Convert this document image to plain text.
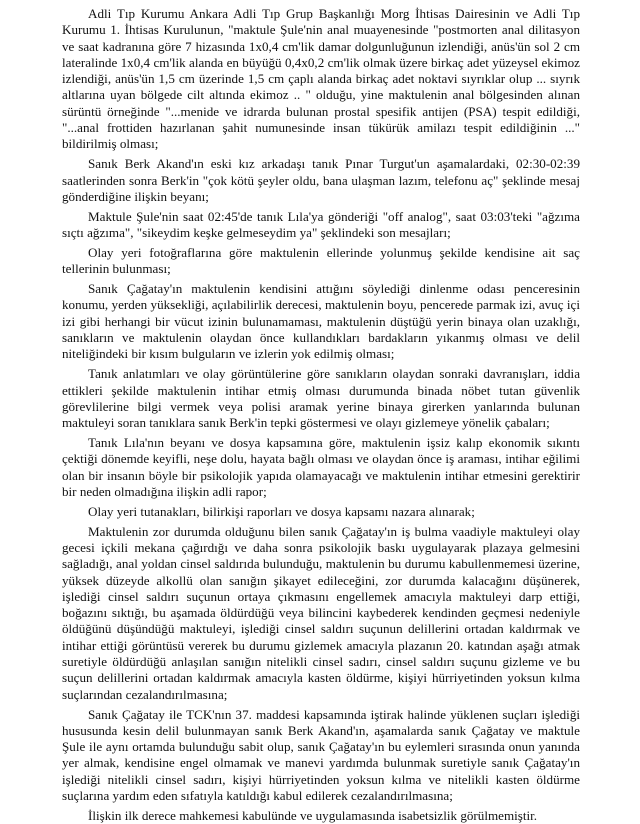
Adli Tıp Kurumu Ankara Adli Tıp Grup Başkanlığı Morg İhtisas Dairesinin ve Adli Tıp Kurumu 1. İhtisas Kurulunun, "maktule Şule'nin anal muayenesinde "postmorten anal dilitasyon ve saat kadranına göre 7 hizasında 1x0,4 cm'lik damar dolgunluğunun izlendiği, anüs'ün sol 2 cm lateralinde 1x0,4 cm'lik alanda en büyüğü 0,4x0,2 cm'lik olmak üzere birkaç adet yüzeysel ekimoz izlendiği, anüs'ün 1,5 cm üzerinde 1,5 cm çaplı alanda birkaç adet noktavi sıyrıklar olup ... sıyrık altlarına uyan bölgede cilt altında ekimoz .. " olduğu, yine maktulenin anal bölgesinden alınan sürüntü örneğinde "...menide ve idrarda bulunan prostal spesifik antijen (PSA) tespit edildiği, "...anal frottiden hazırlanan şahit numunesinde insan tükürük amilazı tespit edildiğinin ..." bildirilmiş olması;

Sanık Berk Akand'ın eski kız arkadaşı tanık Pınar Turgut'un aşamalardaki, 02:30-02:39 saatlerinden sonra Berk'in "çok kötü şeyler oldu, bana ulaşman lazım, telefonu aç" şeklinde mesaj gönderdiğine ilişkin beyanı;

Maktule Şule'nin saat 02:45'de tanık Lıla'ya gönderiği "off analog", saat 03:03'teki "ağzıma sıçtı ağzıma", "sikeydim keşke gelmeseydim ya" şeklindeki son mesajları;

Olay yeri fotoğraflarına göre maktulenin ellerinde yolunmuş şekilde kendisine ait saç tellerinin bulunması;

Sanık Çağatay'ın maktulenin kendisini attığını söylediği dinlenme odası penceresinin konumu, yerden yüksekliği, açılabilirlik derecesi, maktulenin boyu, pencerede parmak izi, avuç içi izi gibi herhangi bir vücut izinin bulunamaması, maktulenin düştüğü yerin binaya olan uzaklığı, sanıkların ve maktulenin olaydan önce kullandıkları bardakların yıkanmış olması ve delil niteliğindeki bir kısım bulguların ve izlerin yok edilmiş olması;

Tanık anlatımları ve olay görüntülerine göre sanıkların olaydan sonraki davranışları, iddia ettikleri şekilde maktulenin intihar etmiş olması durumunda binada nöbet tutan güvenlik görevlilerine bilgi vermek veya polisi aramak yerine binaya girerken yanlarında bulunan maktuleyi soran tanıklara sanık Berk'in tepki göstermesi ve olayı gizlemeye yönelik çabaları;

Tanık Lıla'nın beyanı ve dosya kapsamına göre, maktulenin işsiz kalıp ekonomik sıkıntı çektiği dönemde keyifli, neşe dolu, hayata bağlı olması ve olaydan önce iş araması, intihar eğilimi olan bir insanın böyle bir psikolojik yapıda olamayacağı ve maktulenin intihar etmesini gerektirir bir neden olmadığına ilişkin adli rapor;

Olay yeri tutanakları, bilirkişi raporları ve dosya kapsamı nazara alınarak;

Maktulenin zor durumda olduğunu bilen sanık Çağatay'ın iş bulma vaadiyle maktuleyi olay gecesi içkili mekana çağırdığı ve daha sonra psikolojik baskı uygulayarak plazaya gelmesini sağladığı, anal yoldan cinsel saldırıda bulunduğu, maktulenin bu durumu kabullenmemesi üzerine, yüksek düzeyde alkollü olan sanığın şikayet edileceğini, zor durumda kalacağını düşünerek, işlediği cinsel saldırı suçunun ortaya çıkmasını engellemek amacıyla maktuleyi darp ettiği, boğazını sıktığı, bu aşamada öldürdüğü veya bilincini kaybederek kendinden geçmesi nedeniyle öldüğünü düşündüğü maktuleyi, işlediği cinsel saldırı suçunun delillerini ortadan kaldırmak ve intihar ettiği görüntüsü vererek bu durumu gizlemek amacıyla plazanın 20. katından aşağı atmak suretiyle öldürdüğü anlaşılan sanığın nitelikli cinsel sadırı, cinsel saldırı suçunu gizleme ve bu suçun delillerini ortadan kaldırmak amacıyla kasten öldürme, kişiyi hürriyetinden yoksun kılma suçlarından cezalandırılmasına;

Sanık Çağatay ile TCK'nın 37. maddesi kapsamında iştirak halinde yüklenen suçları işlediği hususunda kesin delil bulunmayan sanık Berk Akand'ın, aşamalarda sanık Çağatay ve maktule Şule ile aynı ortamda bulunduğu sabit olup, sanık Çağatay'ın bu eylemleri sırasında onun yanında yer almak, kendisine engel olmamak ve manevi yardımda bulunmak suretiyle sanık Çağatay'ın işlediği nitelikli cinsel sadırı, kişiyi hürriyetinden yoksun kılma ve nitelikli kasten öldürme suçlarına yardım eden sıfatıyla katıldığı kabul edilerek cezalandırılmasına;

İlişkin ilk derece mahkemesi kabulünde ve uygulamasında isabetsizlik görülmemiştir.
